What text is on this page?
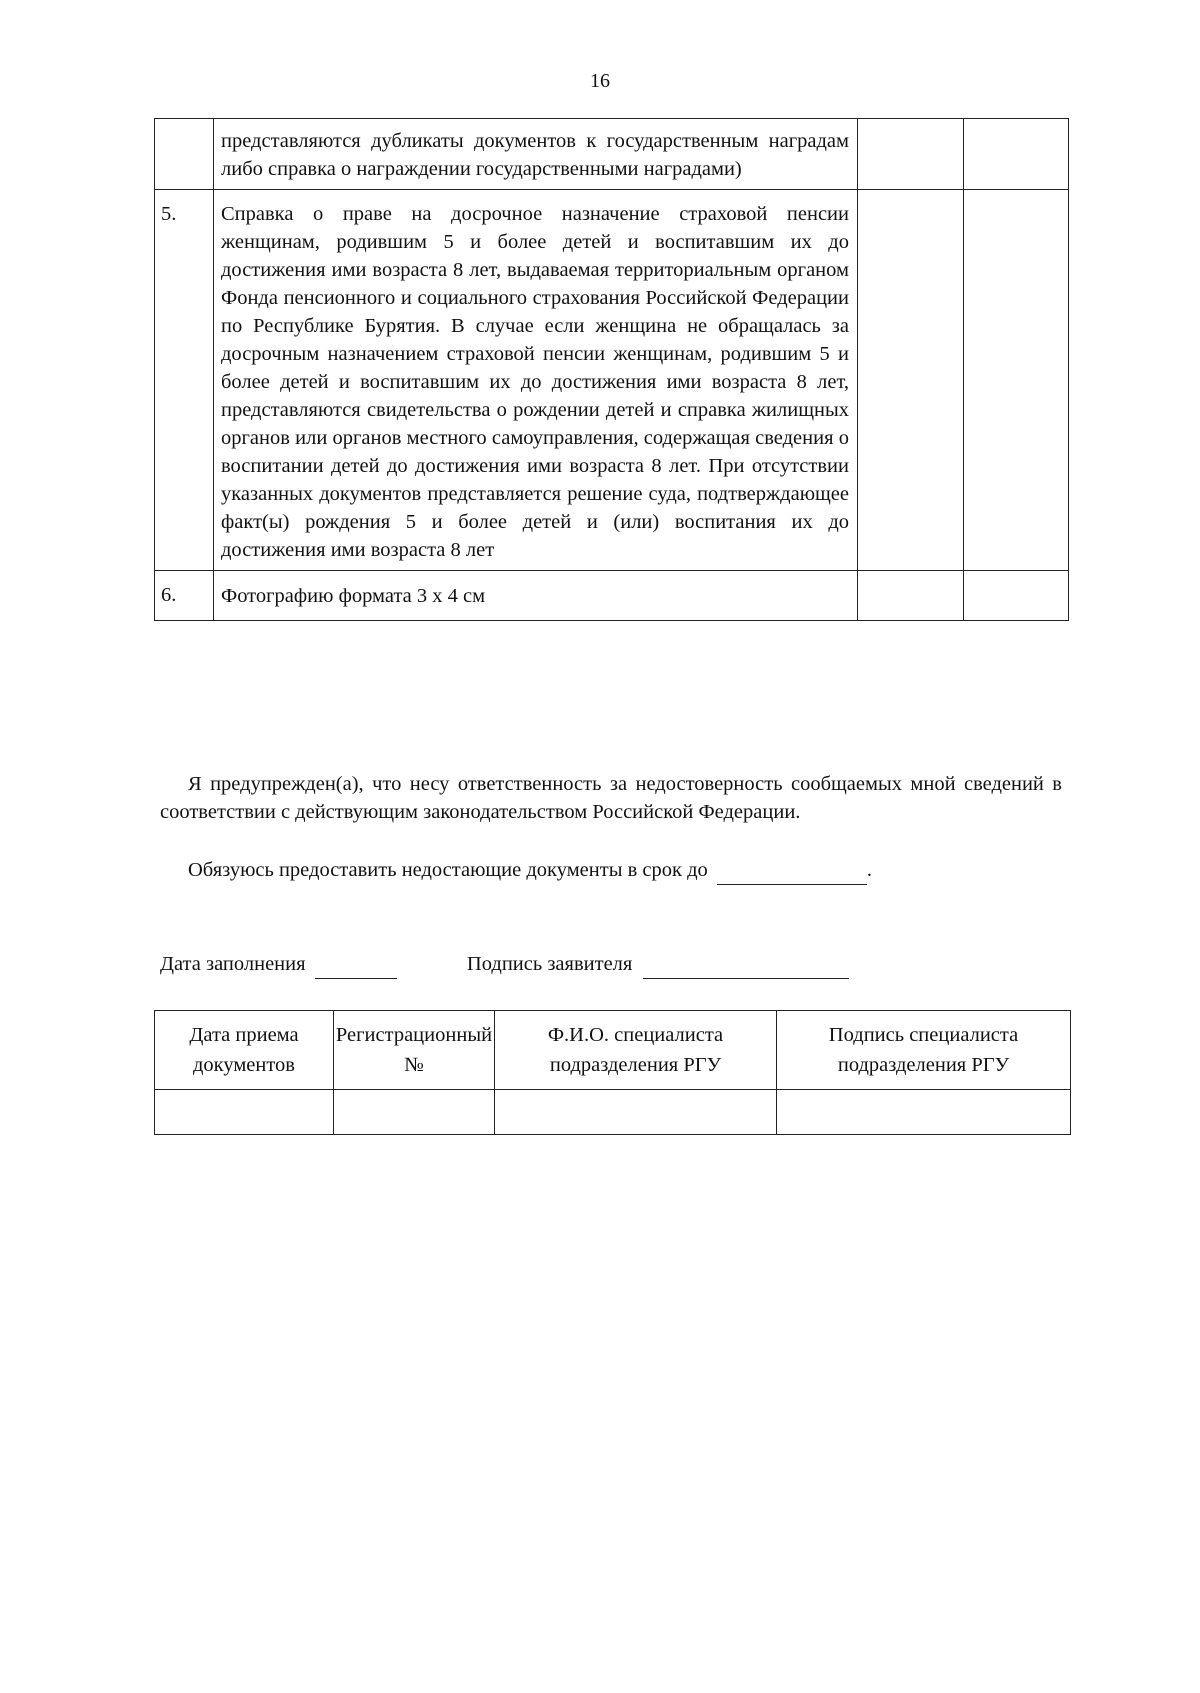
16
	представляются дубликаты документов к государственным наградам либо справка о награждении государственными наградами)		
5.	Справка о праве на досрочное назначение страховой пенсии женщинам, родившим 5 и более детей и воспитавшим их до достижения ими возраста 8 лет, выдаваемая территориальным органом Фонда пенсионного и социального страхования Российской Федерации по Республике Бурятия. В случае если женщина не обращалась за досрочным назначением страховой пенсии женщинам, родившим 5 и более детей и воспитавшим их до достижения ими возраста 8 лет, представляются свидетельства о рождении детей и справка жилищных органов или органов местного самоуправления, содержащая сведения о воспитании детей до достижения ими возраста 8 лет. При отсутствии указанных документов представляется решение суда, подтверждающее факт(ы) рождения 5 и более детей и (или) воспитания их до достижения ими возраста 8 лет		
6.	Фотографию формата 3 х 4 см		
Я предупрежден(а), что несу ответственность за недостоверность сообщаемых мной сведений в соответствии с действующим законодательством Российской Федерации.
Обязуюсь предоставить недостающие документы в срок до	.
Дата заполнения	Подпись заявителя
Дата приема документов	Регистрационный №	Ф.И.О. специалиста подразделения РГУ	Подпись специалиста подразделения РГУ
